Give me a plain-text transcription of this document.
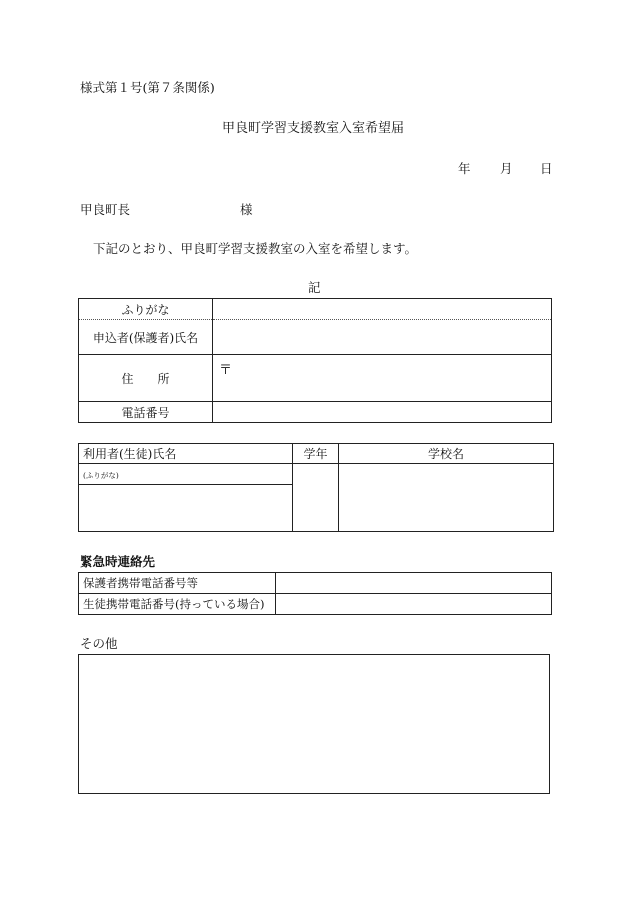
様式第１号(第７条関係)
甲良町学習支援教室入室希望届
年 月 日
甲良町長	様
下記のとおり、甲良町学習支援教室の入室を希望します。
記
ふりがな	
申込者(保護者)氏名	
住　　所	〒

電話番号	
利用者(生徒)氏名	学年	学校名
(ふりがな)		

緊急時連絡先
保護者携帯電話番号等	
生徒携帯電話番号(持っている場合)	
その他
